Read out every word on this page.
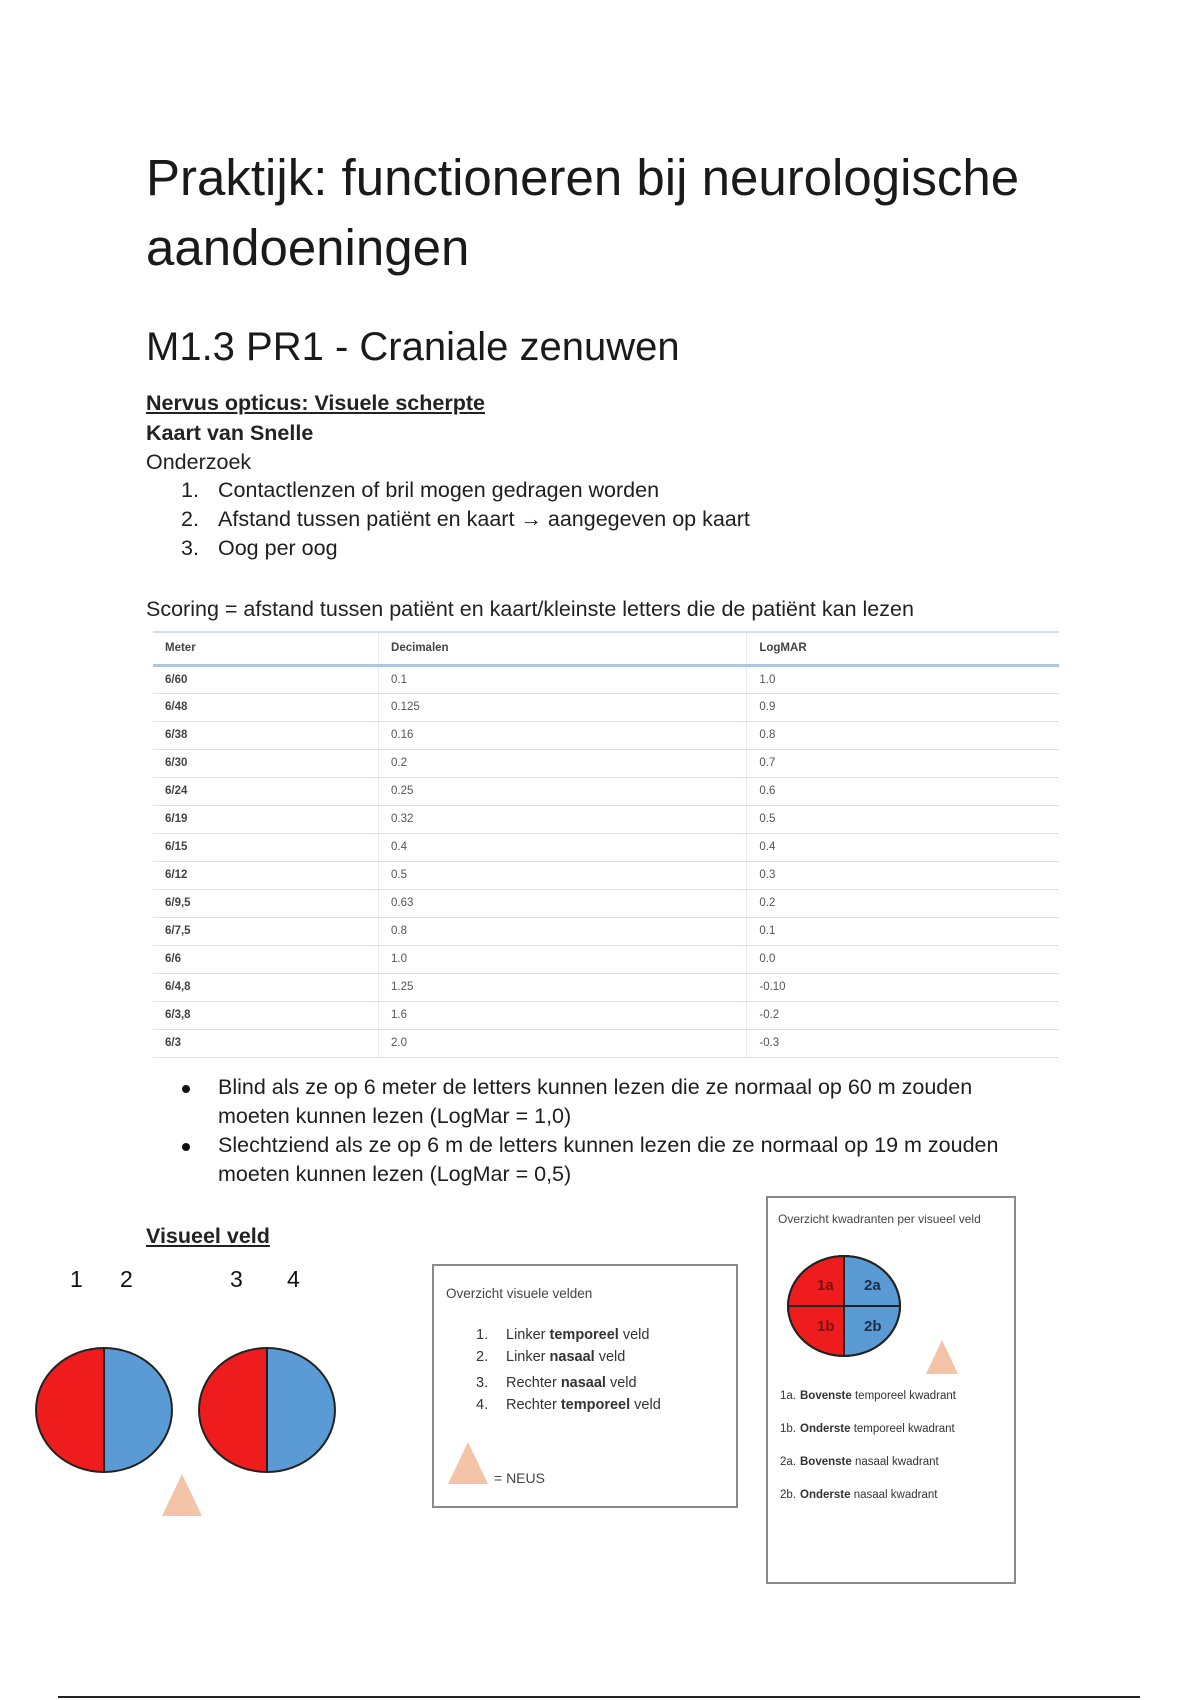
Praktijk: functioneren bij neurologische aandoeningen
M1.3 PR1 - Craniale zenuwen
Nervus opticus: Visuele scherpte
Kaart van Snelle
Onderzoek
1. Contactlenzen of bril mogen gedragen worden
2. Afstand tussen patiënt en kaart → aangegeven op kaart
3. Oog per oog
Scoring = afstand tussen patiënt en kaart/kleinste letters die de patiënt kan lezen
Meter	Decimalen	LogMAR
6/60	0.1	1.0
6/48	0.125	0.9
6/38	0.16	0.8
6/30	0.2	0.7
6/24	0.25	0.6
6/19	0.32	0.5
6/15	0.4	0.4
6/12	0.5	0.3
6/9,5	0.63	0.2
6/7,5	0.8	0.1
6/6	1.0	0.0
6/4,8	1.25	-0.10
6/3,8	1.6	-0.2
6/3	2.0	-0.3
Blind als ze op 6 meter de letters kunnen lezen die ze normaal op 60 m zouden moeten kunnen lezen (LogMar = 1,0)
Slechtziend als ze op 6 m de letters kunnen lezen die ze normaal op 19 m zouden moeten kunnen lezen (LogMar = 0,5)
Visueel veld
1 2	3 4
Overzicht visuele velden
1. Linker temporeel veld
2. Linker nasaal veld
3. Rechter nasaal veld
4. Rechter temporeel veld
= NEUS
Overzicht kwadranten per visueel veld
1a 2a
1b 2b
1a. Bovenste temporeel kwadrant
1b. Onderste temporeel kwadrant
2a. Bovenste nasaal kwadrant
2b. Onderste nasaal kwadrant
